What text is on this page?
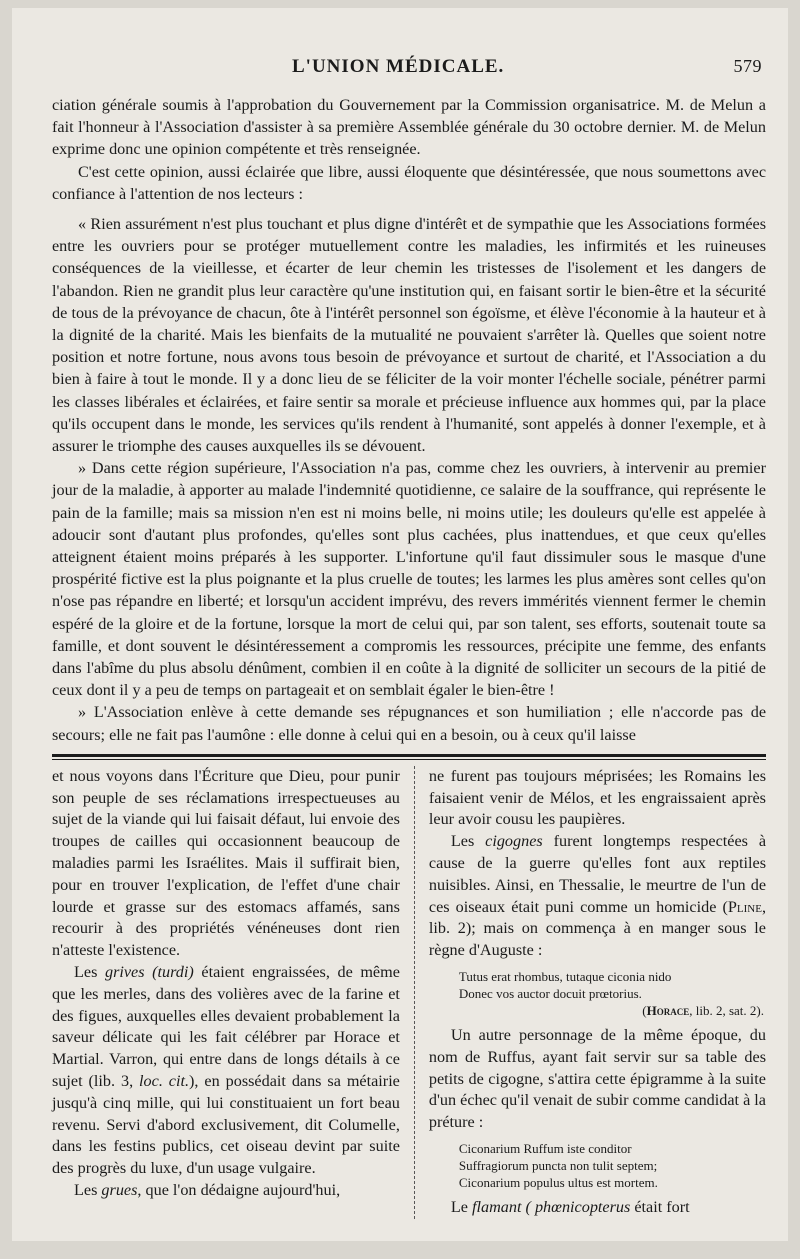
L'UNION MÉDICALE.	579

ciation générale soumis à l'approbation du Gouvernement par la Commission organisatrice. M. de Melun a fait l'honneur à l'Association d'assister à sa première Assemblée générale du 30 octobre dernier. M. de Melun exprime donc une opinion compétente et très renseignée.

C'est cette opinion, aussi éclairée que libre, aussi éloquente que désintéressée, que nous soumettons avec confiance à l'attention de nos lecteurs :

« Rien assurément n'est plus touchant et plus digne d'intérêt et de sympathie que les Associations formées entre les ouvriers pour se protéger mutuellement contre les maladies, les infirmités et les ruineuses conséquences de la vieillesse, et écarter de leur chemin les tristesses de l'isolement et les dangers de l'abandon. Rien ne grandit plus leur caractère qu'une institution qui, en faisant sortir le bien-être et la sécurité de tous de la prévoyance de chacun, ôte à l'intérêt personnel son égoïsme, et élève l'économie à la hauteur et à la dignité de la charité. Mais les bienfaits de la mutualité ne pouvaient s'arrêter là. Quelles que soient notre position et notre fortune, nous avons tous besoin de prévoyance et surtout de charité, et l'Association a du bien à faire à tout le monde. Il y a donc lieu de se féliciter de la voir monter l'échelle sociale, pénétrer parmi les classes libérales et éclairées, et faire sentir sa morale et précieuse influence aux hommes qui, par la place qu'ils occupent dans le monde, les services qu'ils rendent à l'humanité, sont appelés à donner l'exemple, et à assurer le triomphe des causes auxquelles ils se dévouent.

» Dans cette région supérieure, l'Association n'a pas, comme chez les ouvriers, à intervenir au premier jour de la maladie, à apporter au malade l'indemnité quotidienne, ce salaire de la souffrance, qui représente le pain de la famille; mais sa mission n'en est ni moins belle, ni moins utile; les douleurs qu'elle est appelée à adoucir sont d'autant plus profondes, qu'elles sont plus cachées, plus inattendues, et que ceux qu'elles atteignent étaient moins préparés à les supporter. L'infortune qu'il faut dissimuler sous le masque d'une prospérité fictive est la plus poignante et la plus cruelle de toutes; les larmes les plus amères sont celles qu'on n'ose pas répandre en liberté; et lorsqu'un accident imprévu, des revers immérités viennent fermer le chemin espéré de la gloire et de la fortune, lorsque la mort de celui qui, par son talent, ses efforts, soutenait toute sa famille, et dont souvent le désintéressement a compromis les ressources, précipite une femme, des enfants dans l'abîme du plus absolu dénûment, combien il en coûte à la dignité de solliciter un secours de la pitié de ceux dont il y a peu de temps on partageait et on semblait égaler le bien-être !

» L'Association enlève à cette demande ses répugnances et son humiliation ; elle n'accorde pas de secours; elle ne fait pas l'aumône : elle donne à celui qui en a besoin, ou à ceux qu'il laisse

et nous voyons dans l'Écriture que Dieu, pour punir son peuple de ses réclamations irrespectueuses au sujet de la viande qui lui faisait défaut, lui envoie des troupes de cailles qui occasionnent beaucoup de maladies parmi les Israélites. Mais il suffirait bien, pour en trouver l'explication, de l'effet d'une chair lourde et grasse sur des estomacs affamés, sans recourir à des propriétés vénéneuses dont rien n'atteste l'existence.

Les grives (turdi) étaient engraissées, de même que les merles, dans des volières avec de la farine et des figues, auxquelles elles devaient probablement la saveur délicate qui les fait célébrer par Horace et Martial. Varron, qui entre dans de longs détails à ce sujet (lib. 3, loc. cit.), en possédait dans sa métairie jusqu'à cinq mille, qui lui constituaient un fort beau revenu. Servi d'abord exclusivement, dit Columelle, dans les festins publics, cet oiseau devint par suite des progrès du luxe, d'un usage vulgaire.

Les grues, que l'on dédaigne aujourd'hui,

ne furent pas toujours méprisées; les Romains les faisaient venir de Mélos, et les engraissaient après leur avoir cousu les paupières.

Les cigognes furent longtemps respectées à cause de la guerre qu'elles font aux reptiles nuisibles. Ainsi, en Thessalie, le meurtre de l'un de ces oiseaux était puni comme un homicide (Pline, lib. 2); mais on commença à en manger sous le règne d'Auguste :

Tutus erat rhombus, tutaque ciconia nido
Donec vos auctor docuit prœtorius.
(Horace, lib. 2, sat. 2).

Un autre personnage de la même époque, du nom de Ruffus, ayant fait servir sur sa table des petits de cigogne, s'attira cette épigramme à la suite d'un échec qu'il venait de subir comme candidat à la préture :

Ciconarium Ruffum iste conditor
Suffragiorum puncta non tulit septem;
Ciconarium populus ultus est mortem.

Le flamant ( phœnicopterus était fort
